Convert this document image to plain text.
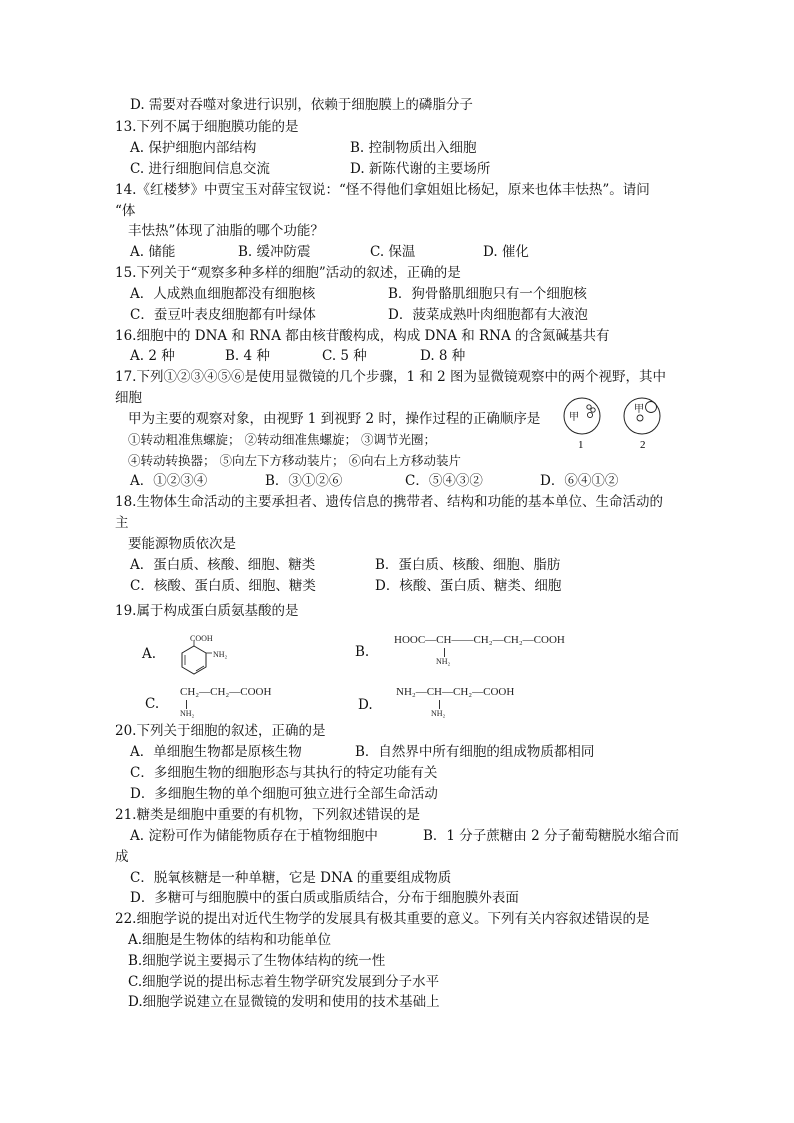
D. 需要对吞噬对象进行识别，依赖于细胞膜上的磷脂分子
13.下列不属于细胞膜功能的是
A. 保护细胞内部结构	B. 控制物质出入细胞
C. 进行细胞间信息交流	D. 新陈代谢的主要场所
14.《红楼梦》中贾宝玉对薛宝钗说：“怪不得他们拿姐姐比杨妃，原来也体丰怯热”。请问
“体
丰怯热”体现了油脂的哪个功能？
A. 储能	B. 缓冲防震	C. 保温	D. 催化
15.下列关于“观察多种多样的细胞”活动的叙述，正确的是
A．人成熟血细胞都没有细胞核	B．狗骨骼肌细胞只有一个细胞核
C．蚕豆叶表皮细胞都有叶绿体	D．菠菜成熟叶肉细胞都有大液泡
16.细胞中的 DNA 和 RNA 都由核苷酸构成，构成 DNA 和 RNA 的含氮碱基共有
A. 2 种	B. 4 种	C. 5 种	D. 8 种
17.下列①②③④⑤⑥是使用显微镜的几个步骤，1 和 2 图为显微镜观察中的两个视野，其中
细胞
甲为主要的观察对象，由视野 1 到视野 2 时，操作过程的正确顺序是
①转动粗准焦螺旋； ②转动细准焦螺旋； ③调节光圈；
④转动转换器； ⑤向左下方移动装片； ⑥向右上方移动装片
A．①②③④	B．③①②⑥	C．⑤④③②	D．⑥④①②
甲
1
甲
2
18.生物体生命活动的主要承担者、遗传信息的携带者、结构和功能的基本单位、生命活动的
主
要能源物质依次是
A．蛋白质、核酸、细胞、糖类	B．蛋白质、核酸、细胞、脂肪
C．核酸、蛋白质、细胞、糖类	D．核酸、蛋白质、糖类、细胞
19.属于构成蛋白质氨基酸的是
A.
COOH
NH₂	B.
HOOC—CH——CH₂—CH₂—COOH
NH₂
C.
CH₂—CH₂—COOH
NH₂
D.
NH₂—CH—CH₂—COOH
NH₂
20.下列关于细胞的叙述，正确的是
A．单细胞生物都是原核生物	B．自然界中所有细胞的组成物质都相同
C．多细胞生物的细胞形态与其执行的特定功能有关
D．多细胞生物的单个细胞可独立进行全部生命活动
21.糖类是细胞中重要的有机物，下列叙述错误的是
A. 淀粉可作为储能物质存在于植物细胞中	B．1 分子蔗糖由 2 分子葡萄糖脱水缩合而
成
C．脱氧核糖是一种单糖，它是 DNA 的重要组成物质
D．多糖可与细胞膜中的蛋白质或脂质结合，分布于细胞膜外表面
22.细胞学说的提出对近代生物学的发展具有极其重要的意义。下列有关内容叙述错误的是
A.细胞是生物体的结构和功能单位
B.细胞学说主要揭示了生物体结构的统一性
C.细胞学说的提出标志着生物学研究发展到分子水平
D.细胞学说建立在显微镜的发明和使用的技术基础上
